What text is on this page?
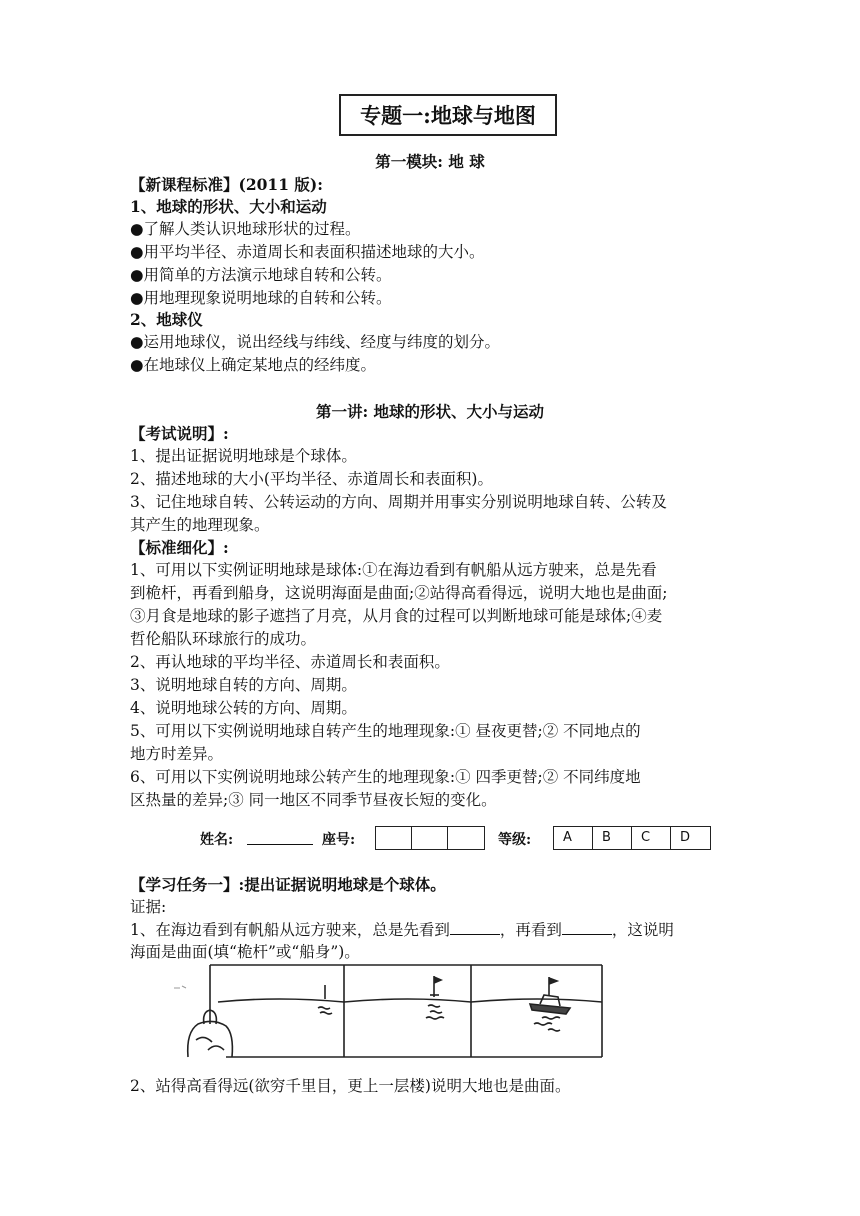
专题一:地球与地图
第一模块: 地 球
【新课程标准】(2011 版):
1、地球的形状、大小和运动
●了解人类认识地球形状的过程。
●用平均半径、赤道周长和表面积描述地球的大小。
●用简单的方法演示地球自转和公转。
●用地理现象说明地球的自转和公转。
2、地球仪
●运用地球仪，说出经线与纬线、经度与纬度的划分。
●在地球仪上确定某地点的经纬度。
第一讲: 地球的形状、大小与运动
【考试说明】:
1、提出证据说明地球是个球体。
2、描述地球的大小(平均半径、赤道周长和表面积)。
3、记住地球自转、公转运动的方向、周期并用事实分别说明地球自转、公转及
其产生的地理现象。
【标准细化】:
1、可用以下实例证明地球是球体:①在海边看到有帆船从远方驶来，总是先看
到桅杆，再看到船身，这说明海面是曲面;②站得高看得远，说明大地也是曲面;
③月食是地球的影子遮挡了月亮，从月食的过程可以判断地球可能是球体;④麦
哲伦船队环球旅行的成功。
2、再认地球的平均半径、赤道周长和表面积。
3、说明地球自转的方向、周期。
4、说明地球公转的方向、周期。
5、可用以下实例说明地球自转产生的地理现象:① 昼夜更替;② 不同地点的
地方时差异。
6、可用以下实例说明地球公转产生的地理现象:① 四季更替;② 不同纬度地
区热量的差异;③ 同一地区不同季节昼夜长短的变化。
姓名:	座号:	等级:	A	B	C	D
【学习任务一】:提出证据说明地球是个球体。
证据:
1、在海边看到有帆船从远方驶来，总是先看到	，再看到	，这说明
海面是曲面(填“桅杆”或“船身”)。
2、站得高看得远(欲穷千里目，更上一层楼)说明大地也是曲面。
